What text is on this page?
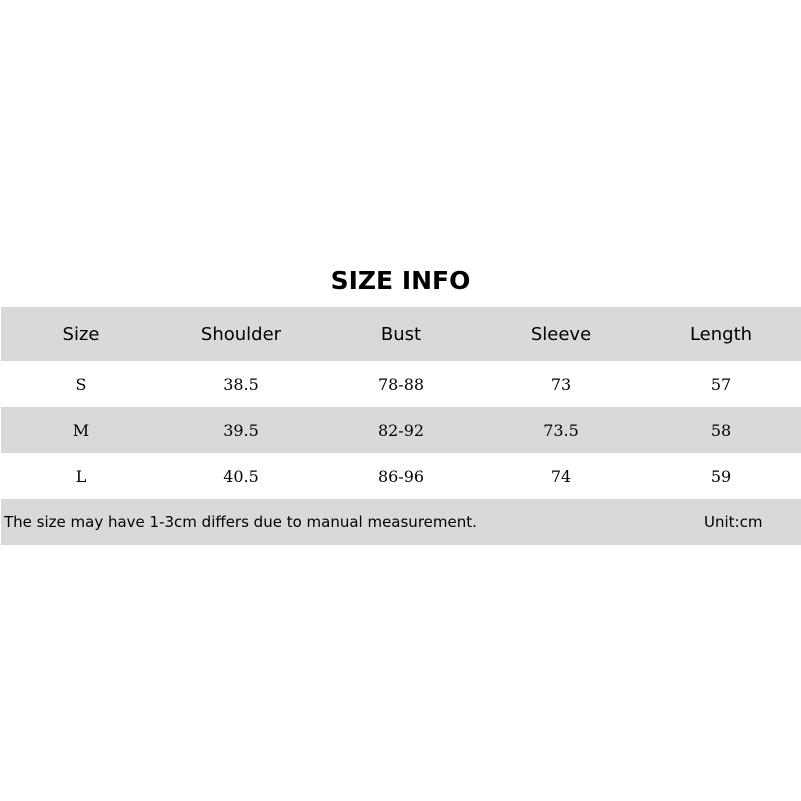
SIZE INFO
Size	Shoulder	Bust	Sleeve	Length
S	38.5	78-88	73	57
M	39.5	82-92	73.5	58
L	40.5	86-96	74	59
The size may have 1-3cm differs due to manual measurement.	Unit:cm
